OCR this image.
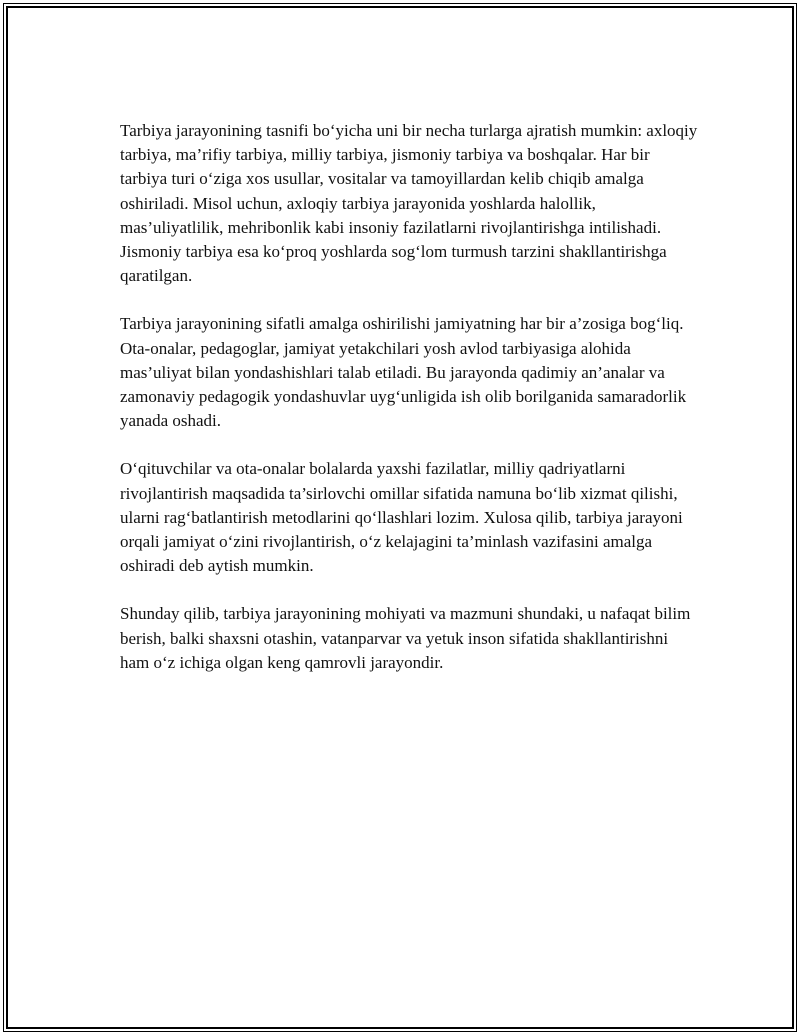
Tarbiya jarayonining tasnifi bo‘yicha uni bir necha turlarga ajratish mumkin: axloqiy tarbiya, ma’rifiy tarbiya, milliy tarbiya, jismoniy tarbiya va boshqalar. Har bir tarbiya turi o‘ziga xos usullar, vositalar va tamoyillardan kelib chiqib amalga oshiriladi. Misol uchun, axloqiy tarbiya jarayonida yoshlarda halollik, mas’uliyatlilik, mehribonlik kabi insoniy fazilatlarni rivojlantirishga intilishadi. Jismoniy tarbiya esa ko‘proq yoshlarda sog‘lom turmush tarzini shakllantirishga qaratilgan.

Tarbiya jarayonining sifatli amalga oshirilishi jamiyatning har bir a’zosiga bog‘liq. Ota-onalar, pedagoglar, jamiyat yetakchilari yosh avlod tarbiyasiga alohida mas’uliyat bilan yondashishlari talab etiladi. Bu jarayonda qadimiy an’analar va zamonaviy pedagogik yondashuvlar uyg‘unligida ish olib borilganida samaradorlik yanada oshadi.

O‘qituvchilar va ota-onalar bolalarda yaxshi fazilatlar, milliy qadriyatlarni rivojlantirish maqsadida ta’sirlovchi omillar sifatida namuna bo‘lib xizmat qilishi, ularni rag‘batlantirish metodlarini qo‘llashlari lozim. Xulosa qilib, tarbiya jarayoni orqali jamiyat o‘zini rivojlantirish, o‘z kelajagini ta’minlash vazifasini amalga oshiradi deb aytish mumkin.

Shunday qilib, tarbiya jarayonining mohiyati va mazmuni shundaki, u nafaqat bilim berish, balki shaxsni otashin, vatanparvar va yetuk inson sifatida shakllantirishni ham o‘z ichiga olgan keng qamrovli jarayondir.
